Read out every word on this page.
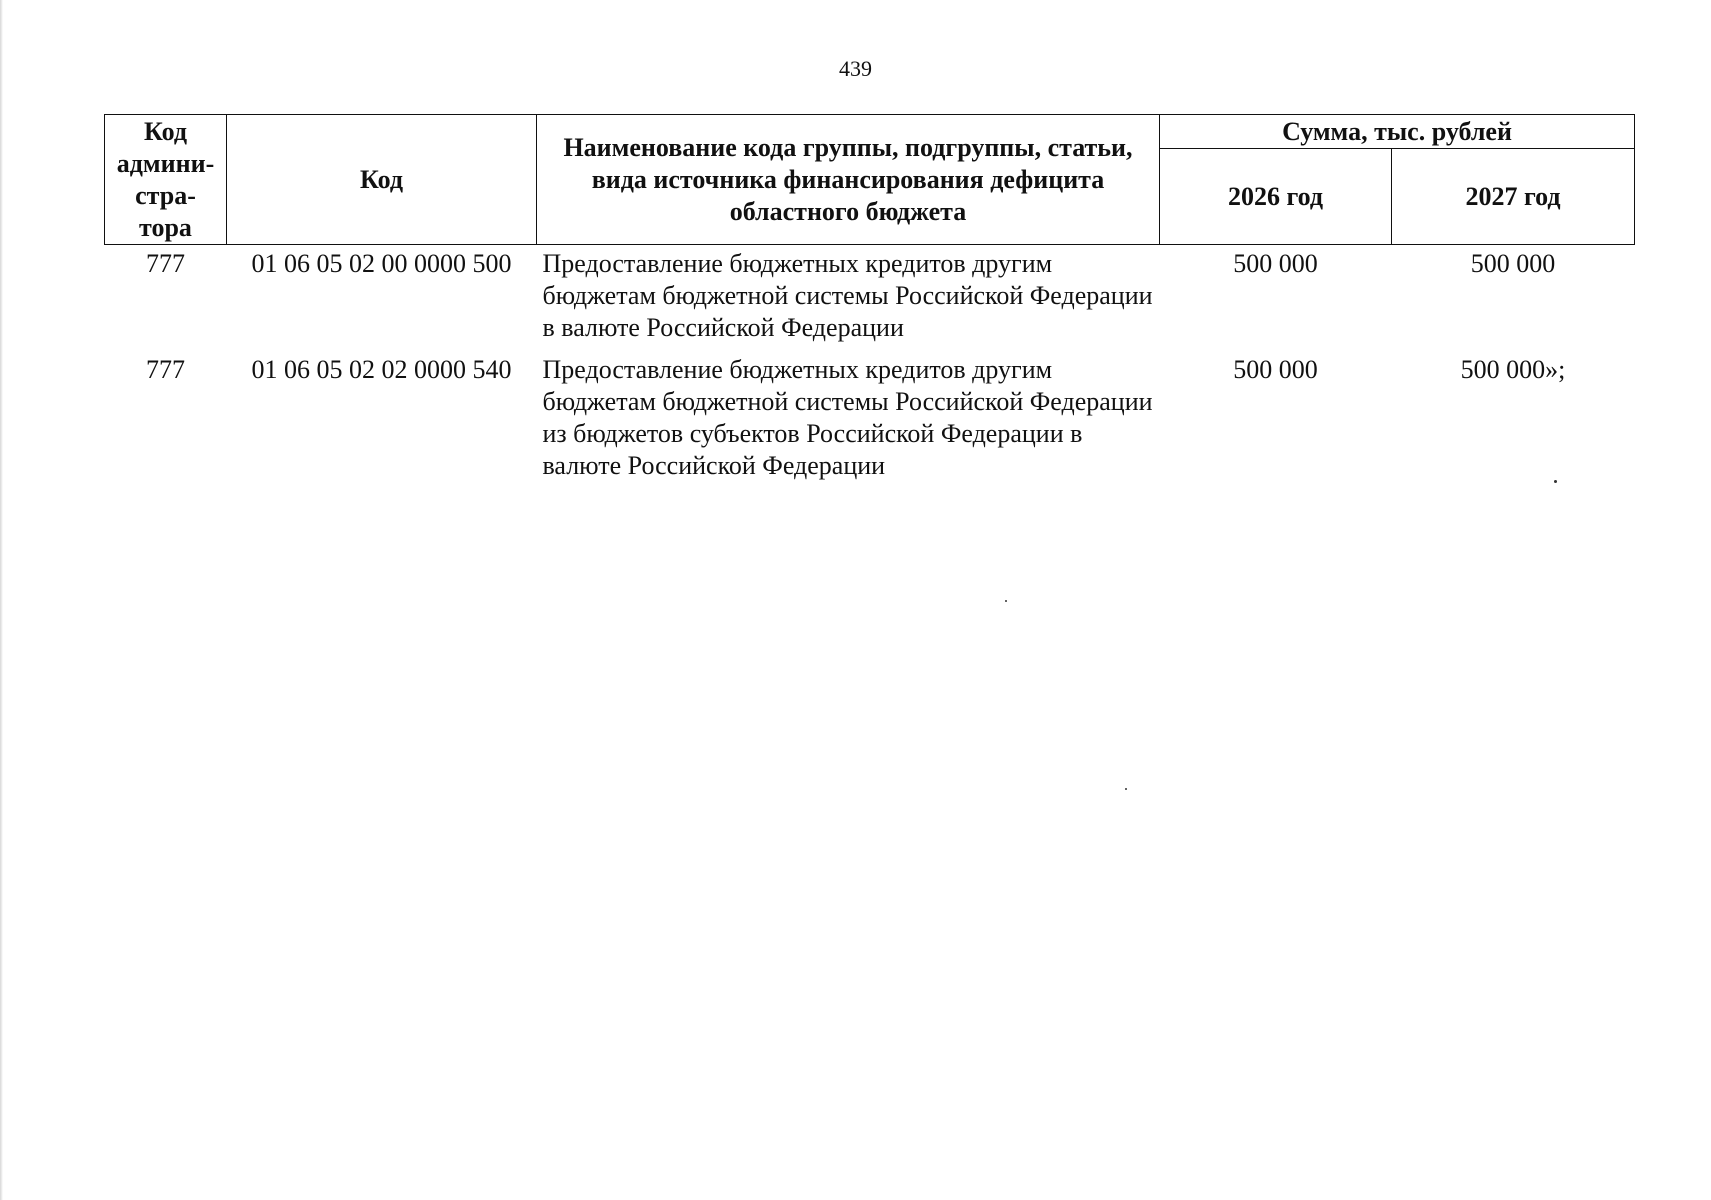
439
Код админи-стра-тора	Код	Наименование кода группы, подгруппы, статьи, вида источника финансирования дефицита областного бюджета	Сумма, тыс. рублей	
			2026 год	2027 год
777	01 06 05 02 00 0000 500	Предоставление бюджетных кредитов другим бюджетам бюджетной системы Российской Федерации в валюте Российской Федерации	500 000	500 000
777	01 06 05 02 02 0000 540	Предоставление бюджетных кредитов другим бюджетам бюджетной системы Российской Федерации из бюджетов субъектов Российской Федерации в валюте Российской Федерации	500 000	500 000»;
